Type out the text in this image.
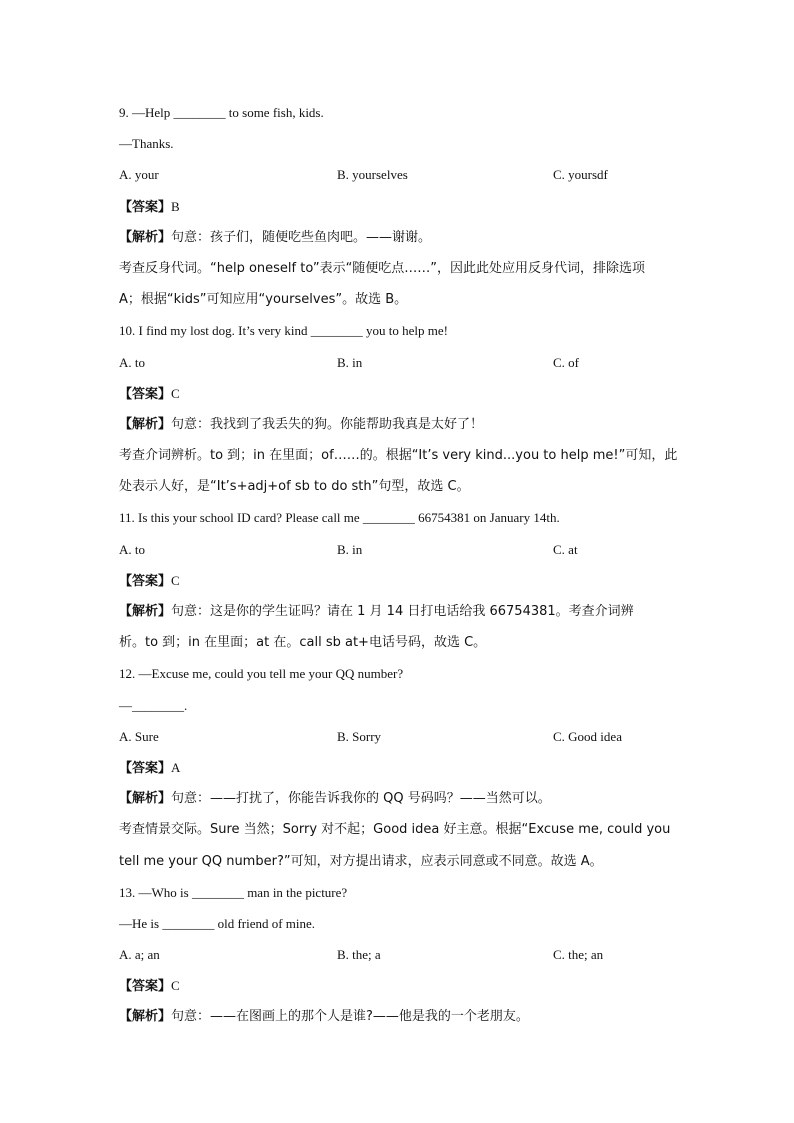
9. —Help ________ to some fish, kids.
—Thanks.
A. your	B. yourselves	C. yoursdf
【答案】B
【解析】句意：孩子们，随便吃些鱼肉吧。——谢谢。
考查反身代词。“help oneself to”表示“随便吃点……”，因此此处应用反身代词，排除选项
A；根据“kids”可知应用“yourselves”。故选 B。
10. I find my lost dog. It’s very kind ________ you to help me!
A. to	B. in	C. of
【答案】C
【解析】句意：我找到了我丢失的狗。你能帮助我真是太好了！
考查介词辨析。to 到；in 在里面；of……的。根据“It’s very kind...you to help me!”可知，此
处表示人好，是“It’s+adj+of sb to do sth”句型，故选 C。
11. Is this your school ID card? Please call me ________ 66754381 on January 14th.
A. to	B. in	C. at
【答案】C
【解析】句意：这是你的学生证吗？请在 1 月 14 日打电话给我 66754381。考查介词辨
析。to 到；in 在里面；at 在。call sb at+电话号码，故选 C。
12. —Excuse me, could you tell me your QQ number?
—________.
A. Sure	B. Sorry	C. Good idea
【答案】A
【解析】句意：——打扰了，你能告诉我你的 QQ 号码吗？——当然可以。
考查情景交际。Sure 当然；Sorry 对不起；Good idea 好主意。根据“Excuse me, could you
tell me your QQ number?”可知，对方提出请求，应表示同意或不同意。故选 A。
13. —Who is ________ man in the picture?
—He is ________ old friend of mine.
A. a; an	B. the; a	C. the; an
【答案】C
【解析】句意：——在图画上的那个人是谁?——他是我的一个老朋友。
